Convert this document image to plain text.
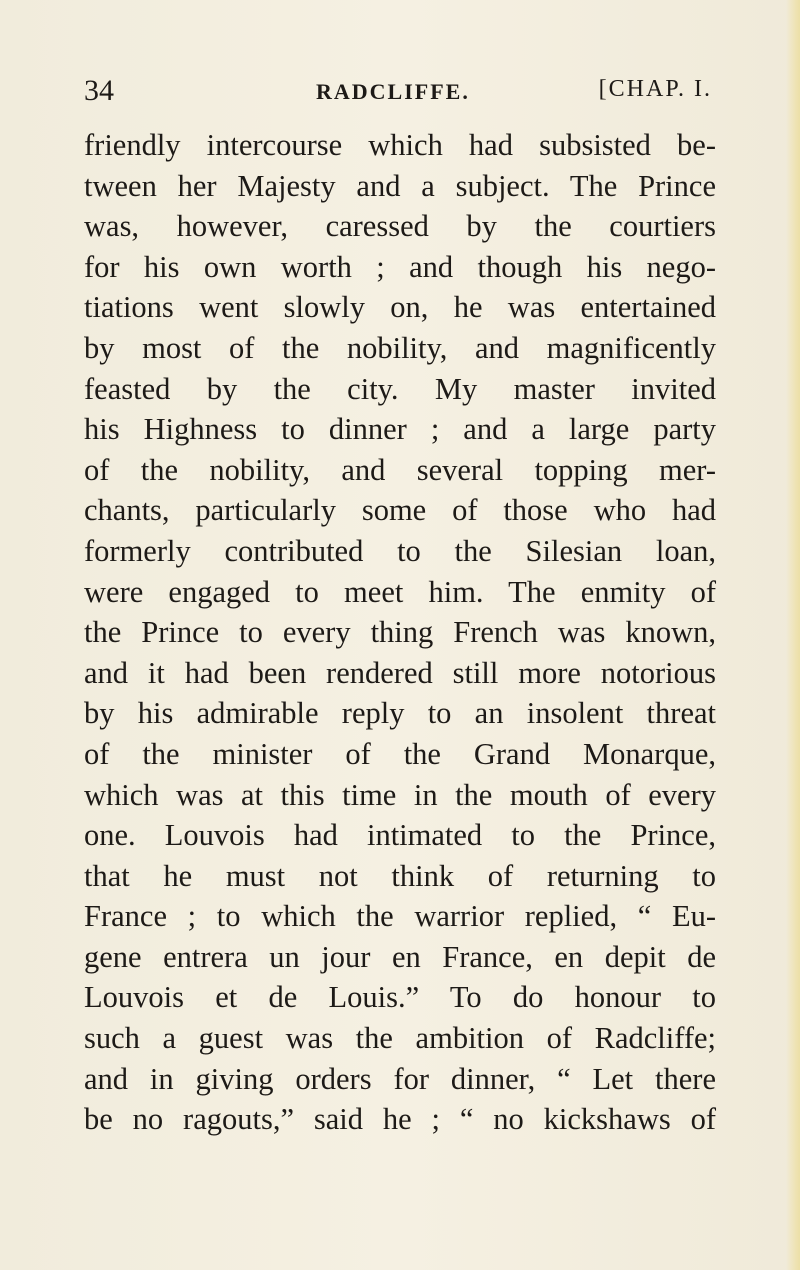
34	RADCLIFFE.	[CHAP. I.
friendly intercourse which had subsisted be-
tween her Majesty and a subject. The Prince
was, however, caressed by the courtiers
for his own worth ; and though his nego-
tiations went slowly on, he was entertained
by most of the nobility, and magnificently
feasted by the city. My master invited
his Highness to dinner ; and a large party
of the nobility, and several topping mer-
chants, particularly some of those who had
formerly contributed to the Silesian loan,
were engaged to meet him. The enmity of
the Prince to every thing French was known,
and it had been rendered still more notorious
by his admirable reply to an insolent threat
of the minister of the Grand Monarque,
which was at this time in the mouth of every
one. Louvois had intimated to the Prince,
that he must not think of returning to
France ; to which the warrior replied, “ Eu-
gene entrera un jour en France, en depit de
Louvois et de Louis.” To do honour to
such a guest was the ambition of Radcliffe;
and in giving orders for dinner, “ Let there
be no ragouts,” said he ; “ no kickshaws of
